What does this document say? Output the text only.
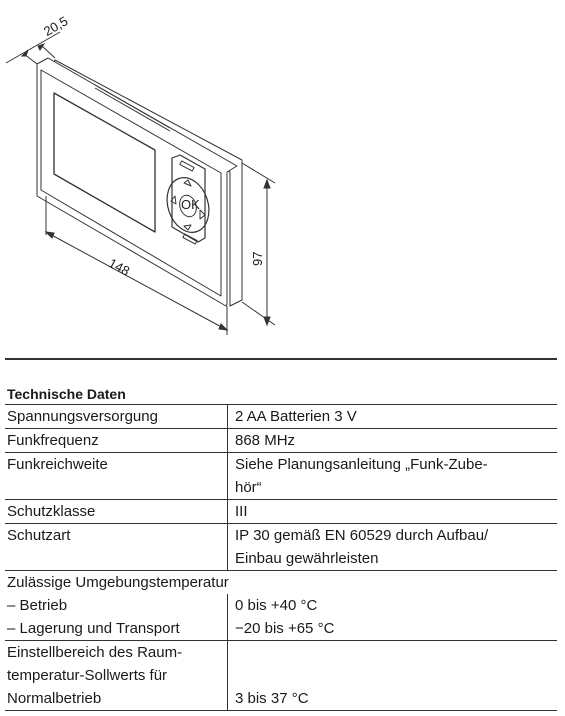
OK
20,5
148	97
Technische Daten
Spannungsversorgung	2 AA Batterien 3 V
Funkfrequenz	868 MHz
Funkreichweite	Siehe Planungsanleitung „Funk-Zube-
hör“
Schutzklasse	III
Schutzart	IP 30 gemäß EN 60529 durch Aufbau/
Einbau gewährleisten
Zulässige Umgebungstemperatur	
– Betrieb	0 bis +40 °C
– Lagerung und Transport	−20 bis +65 °C
Einstellbereich des Raum-
temperatur-Sollwerts für
Normalbetrieb	3 bis 37 °C
